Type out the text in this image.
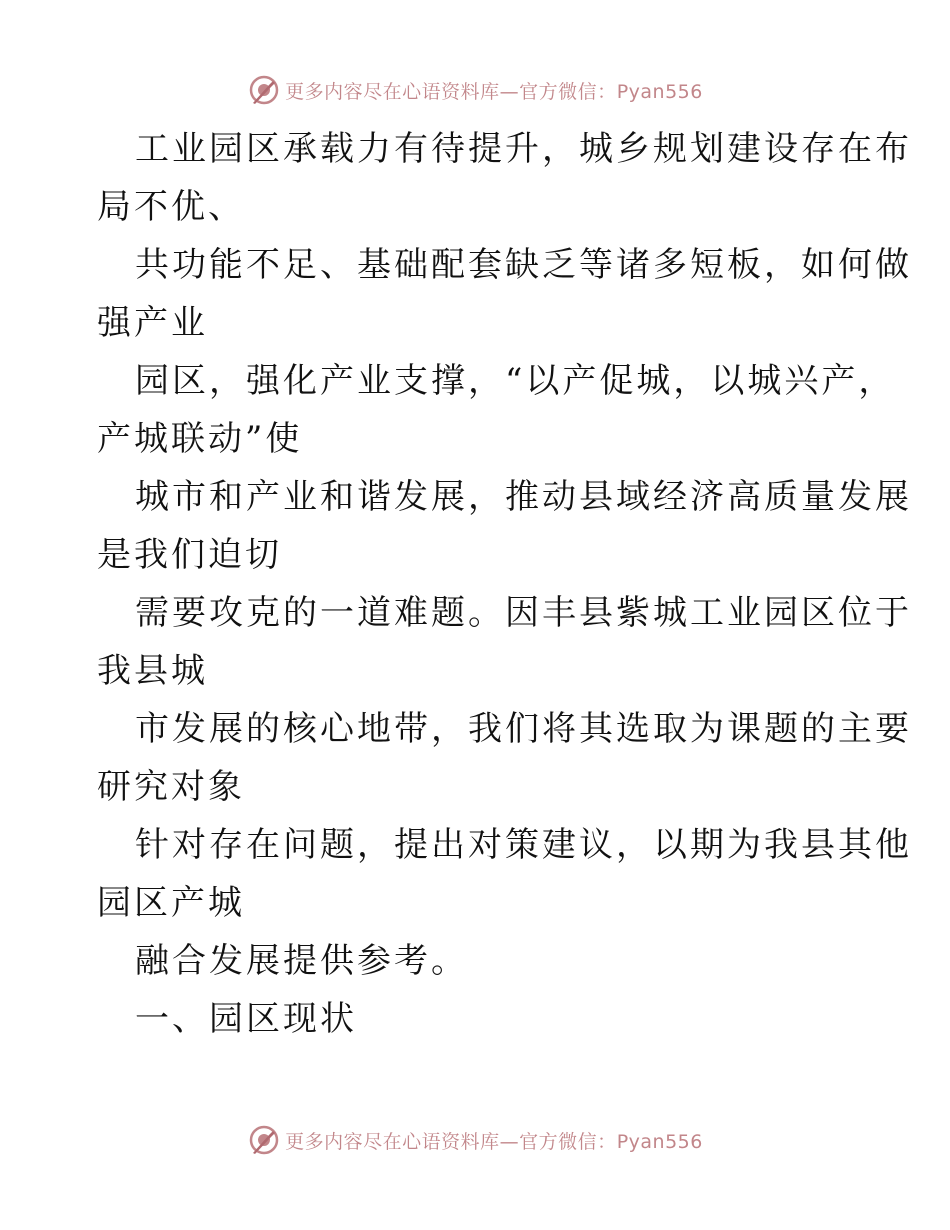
更多内容尽在心语资料库—官方微信：Pyan556
工业园区承载力有待提升，城乡规划建设存在布
局不优、
共功能不足、基础配套缺乏等诸多短板，如何做
强产业
园区，强化产业支撑，“以产促城，以城兴产，
产城联动”使
城市和产业和谐发展，推动县域经济高质量发展
是我们迫切
需要攻克的一道难题。因丰县紫城工业园区位于
我县城
市发展的核心地带，我们将其选取为课题的主要
研究对象
针对存在问题，提出对策建议，以期为我县其他
园区产城
融合发展提供参考。
一、园区现状
更多内容尽在心语资料库—官方微信：Pyan556
